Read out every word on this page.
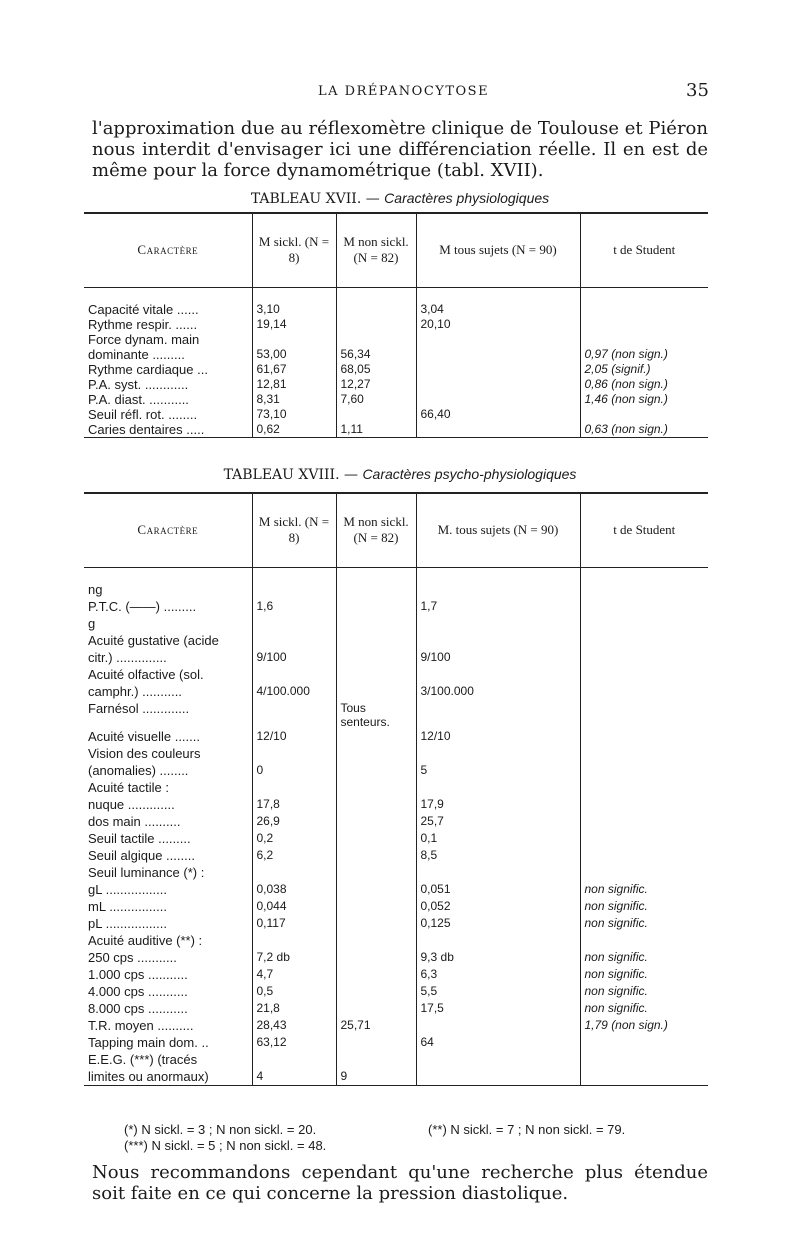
LA DRÉPANOCYTOSE	35
l'approximation due au réflexomètre clinique de Toulouse et Piéron nous interdit d'envisager ici une différenciation réelle. Il en est de même pour la force dynamométrique (tabl. XVII).
TABLEAU XVII. — Caractères physiologiques
Caractère	M sickl. (N = 8)	M non sickl. (N = 82)	M tous sujets (N = 90)	t de Student

Capacité vitale ......	3,10		3,04	
Rythme respir. ......	19,14		20,10	
Force dynam. main				
dominante .........	53,00	56,34		0,97 (non sign.)
Rythme cardiaque ...	61,67	68,05		2,05 (signif.)
P.A. syst. ............	12,81	12,27		0,86 (non sign.)
P.A. diast. ...........	8,31	7,60		1,46 (non sign.)
Seuil réfl. rot. ........	73,10		66,40	
Caries dentaires .....	0,62	1,11		0,63 (non sign.)
TABLEAU XVIII. — Caractères psycho-physiologiques
Caractère	M sickl. (N = 8)	M non sickl. (N = 82)	M. tous sujets (N = 90)	t de Student

ng				
P.T.C. (——) .........	1,6		1,7	
g				
Acuité gustative (acide				
citr.) ..............	9/100		9/100	
Acuité olfactive (sol.				
camphr.) ...........	4/100.000		3/100.000	
Farnésol .............		Tous senteurs.		
Acuité visuelle .......	12/10		12/10	
Vision des couleurs				
(anomalies) ........	0		5	
Acuité tactile :				
nuque .............	17,8		17,9	
dos main ..........	26,9		25,7	
Seuil tactile .........	0,2		0,1	
Seuil algique ........	6,2		8,5	
Seuil luminance (*) :				
gL .................	0,038		0,051	non signific.
mL ................	0,044		0,052	non signific.
pL .................	0,117		0,125	non signific.
Acuité auditive (**) :				
250 cps ...........	7,2 db		9,3 db	non signific.
1.000 cps ...........	4,7		6,3	non signific.
4.000 cps ...........	0,5		5,5	non signific.
8.000 cps ...........	21,8		17,5	non signific.
T.R. moyen ..........	28,43	25,71		1,79 (non sign.)
Tapping main dom. ..	63,12		64	
E.E.G. (***) (tracés				
limites ou anormaux)	4	9		
(*) N sickl. = 3 ; N non sickl. = 20.	(**) N sickl. = 7 ; N non sickl. = 79.
(***) N sickl. = 5 ; N non sickl. = 48.
Nous recommandons cependant qu'une recherche plus étendue soit faite en ce qui concerne la pression diastolique.
